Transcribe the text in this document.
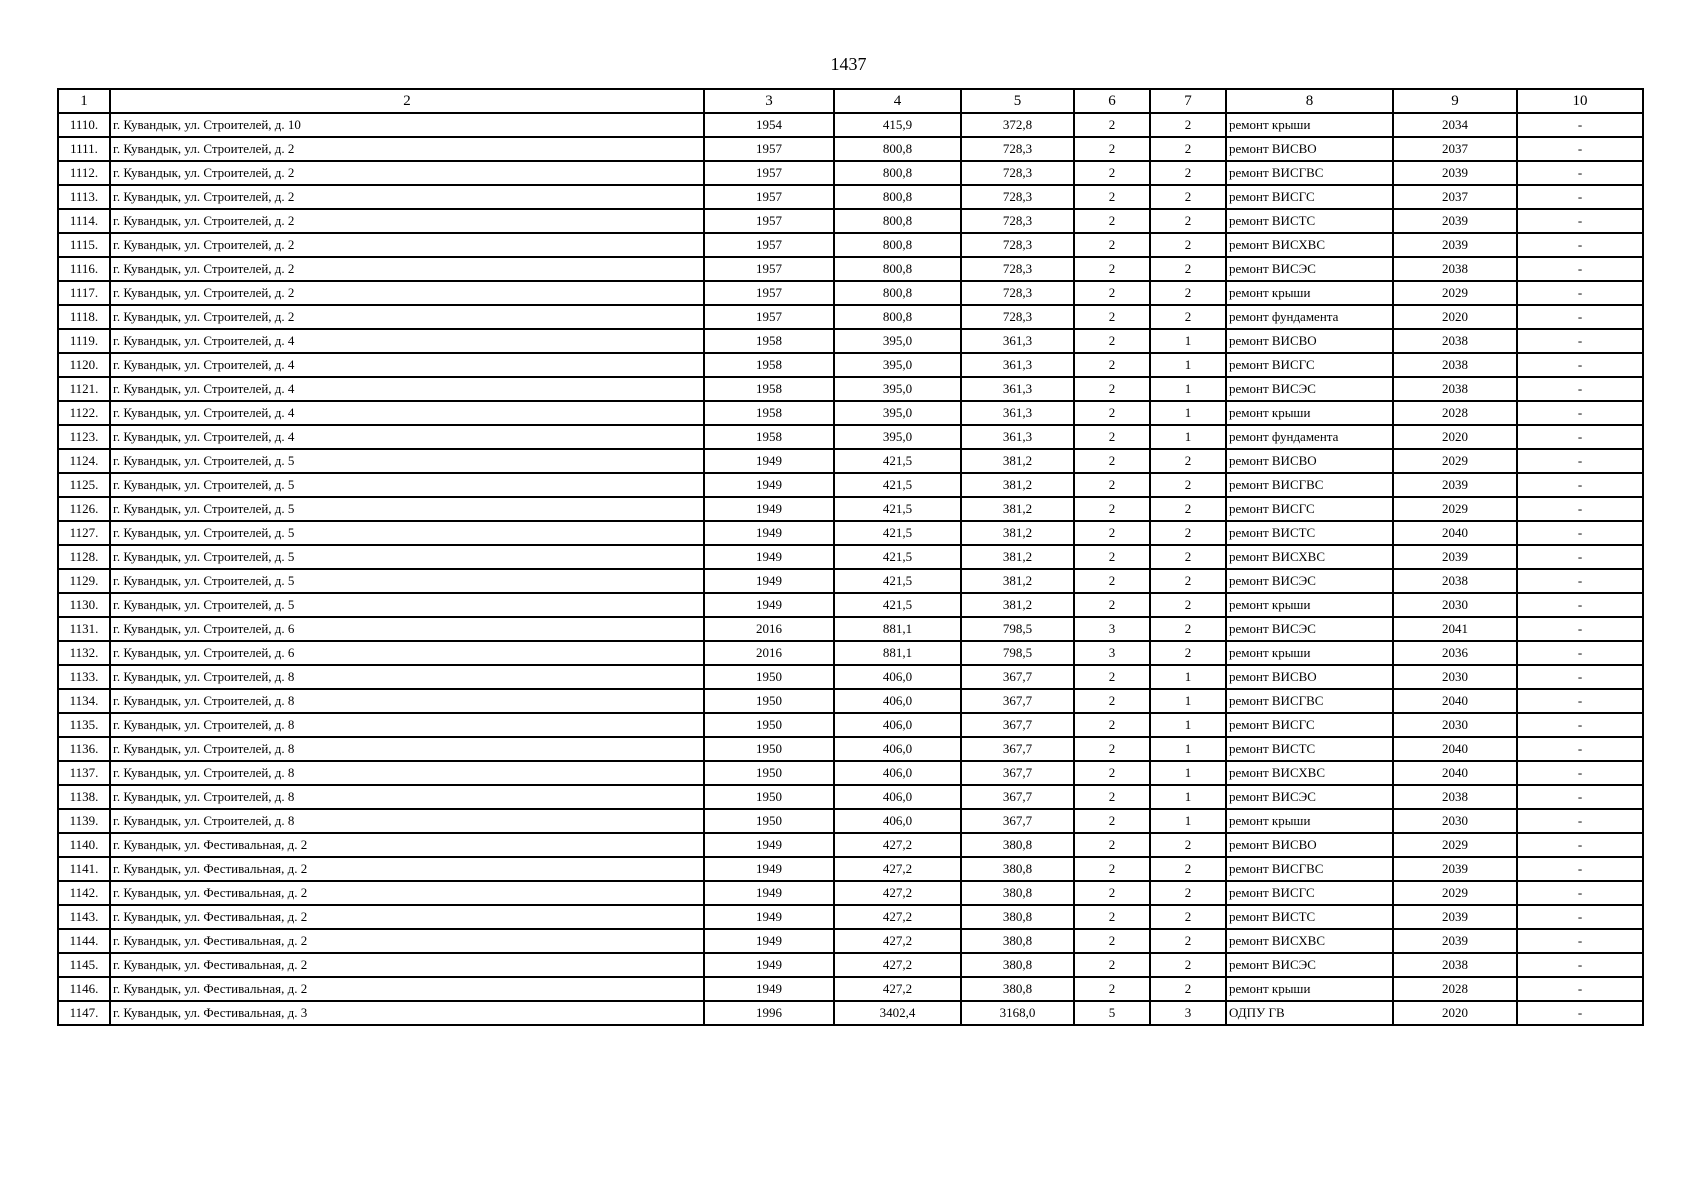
1437
1	2	3	4	5	6	7	8	9	10
1110.	г. Кувандык, ул. Строителей, д. 10	1954	415,9	372,8	2	2	ремонт крыши	2034	-
1111.	г. Кувандык, ул. Строителей, д. 2	1957	800,8	728,3	2	2	ремонт ВИСВО	2037	-
1112.	г. Кувандык, ул. Строителей, д. 2	1957	800,8	728,3	2	2	ремонт ВИСГВС	2039	-
1113.	г. Кувандык, ул. Строителей, д. 2	1957	800,8	728,3	2	2	ремонт ВИСГС	2037	-
1114.	г. Кувандык, ул. Строителей, д. 2	1957	800,8	728,3	2	2	ремонт ВИСТС	2039	-
1115.	г. Кувандык, ул. Строителей, д. 2	1957	800,8	728,3	2	2	ремонт ВИСХВС	2039	-
1116.	г. Кувандык, ул. Строителей, д. 2	1957	800,8	728,3	2	2	ремонт ВИСЭС	2038	-
1117.	г. Кувандык, ул. Строителей, д. 2	1957	800,8	728,3	2	2	ремонт крыши	2029	-
1118.	г. Кувандык, ул. Строителей, д. 2	1957	800,8	728,3	2	2	ремонт фундамента	2020	-
1119.	г. Кувандык, ул. Строителей, д. 4	1958	395,0	361,3	2	1	ремонт ВИСВО	2038	-
1120.	г. Кувандык, ул. Строителей, д. 4	1958	395,0	361,3	2	1	ремонт ВИСГС	2038	-
1121.	г. Кувандык, ул. Строителей, д. 4	1958	395,0	361,3	2	1	ремонт ВИСЭС	2038	-
1122.	г. Кувандык, ул. Строителей, д. 4	1958	395,0	361,3	2	1	ремонт крыши	2028	-
1123.	г. Кувандык, ул. Строителей, д. 4	1958	395,0	361,3	2	1	ремонт фундамента	2020	-
1124.	г. Кувандык, ул. Строителей, д. 5	1949	421,5	381,2	2	2	ремонт ВИСВО	2029	-
1125.	г. Кувандык, ул. Строителей, д. 5	1949	421,5	381,2	2	2	ремонт ВИСГВС	2039	-
1126.	г. Кувандык, ул. Строителей, д. 5	1949	421,5	381,2	2	2	ремонт ВИСГС	2029	-
1127.	г. Кувандык, ул. Строителей, д. 5	1949	421,5	381,2	2	2	ремонт ВИСТС	2040	-
1128.	г. Кувандык, ул. Строителей, д. 5	1949	421,5	381,2	2	2	ремонт ВИСХВС	2039	-
1129.	г. Кувандык, ул. Строителей, д. 5	1949	421,5	381,2	2	2	ремонт ВИСЭС	2038	-
1130.	г. Кувандык, ул. Строителей, д. 5	1949	421,5	381,2	2	2	ремонт крыши	2030	-
1131.	г. Кувандык, ул. Строителей, д. 6	2016	881,1	798,5	3	2	ремонт ВИСЭС	2041	-
1132.	г. Кувандык, ул. Строителей, д. 6	2016	881,1	798,5	3	2	ремонт крыши	2036	-
1133.	г. Кувандык, ул. Строителей, д. 8	1950	406,0	367,7	2	1	ремонт ВИСВО	2030	-
1134.	г. Кувандык, ул. Строителей, д. 8	1950	406,0	367,7	2	1	ремонт ВИСГВС	2040	-
1135.	г. Кувандык, ул. Строителей, д. 8	1950	406,0	367,7	2	1	ремонт ВИСГС	2030	-
1136.	г. Кувандык, ул. Строителей, д. 8	1950	406,0	367,7	2	1	ремонт ВИСТС	2040	-
1137.	г. Кувандык, ул. Строителей, д. 8	1950	406,0	367,7	2	1	ремонт ВИСХВС	2040	-
1138.	г. Кувандык, ул. Строителей, д. 8	1950	406,0	367,7	2	1	ремонт ВИСЭС	2038	-
1139.	г. Кувандык, ул. Строителей, д. 8	1950	406,0	367,7	2	1	ремонт крыши	2030	-
1140.	г. Кувандык, ул. Фестивальная, д. 2	1949	427,2	380,8	2	2	ремонт ВИСВО	2029	-
1141.	г. Кувандык, ул. Фестивальная, д. 2	1949	427,2	380,8	2	2	ремонт ВИСГВС	2039	-
1142.	г. Кувандык, ул. Фестивальная, д. 2	1949	427,2	380,8	2	2	ремонт ВИСГС	2029	-
1143.	г. Кувандык, ул. Фестивальная, д. 2	1949	427,2	380,8	2	2	ремонт ВИСТС	2039	-
1144.	г. Кувандык, ул. Фестивальная, д. 2	1949	427,2	380,8	2	2	ремонт ВИСХВС	2039	-
1145.	г. Кувандык, ул. Фестивальная, д. 2	1949	427,2	380,8	2	2	ремонт ВИСЭС	2038	-
1146.	г. Кувандык, ул. Фестивальная, д. 2	1949	427,2	380,8	2	2	ремонт крыши	2028	-
1147.	г. Кувандык, ул. Фестивальная, д. 3	1996	3402,4	3168,0	5	3	ОДПУ ГВ	2020	-
